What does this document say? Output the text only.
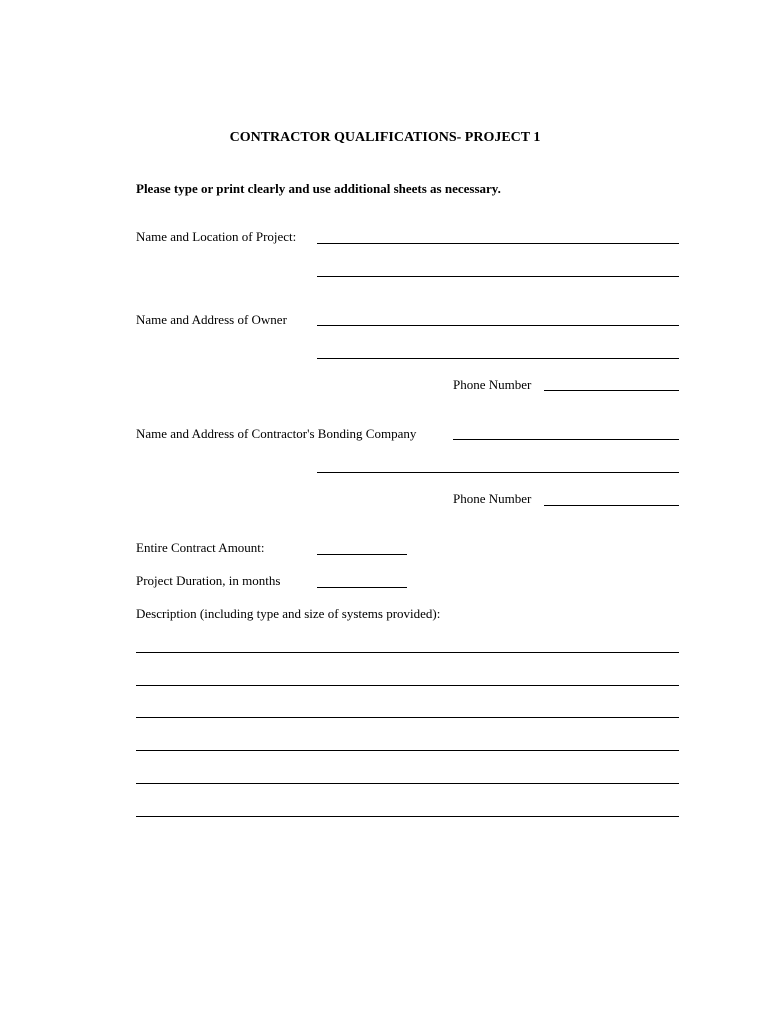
CONTRACTOR QUALIFICATIONS- PROJECT 1
Please type or print clearly and use additional sheets as necessary.
Name and Location of Project:
Name and Address of Owner
Phone Number
Name and Address of Contractor's Bonding Company
Phone Number
Entire Contract Amount:
Project Duration, in months
Description (including type and size of systems provided):
